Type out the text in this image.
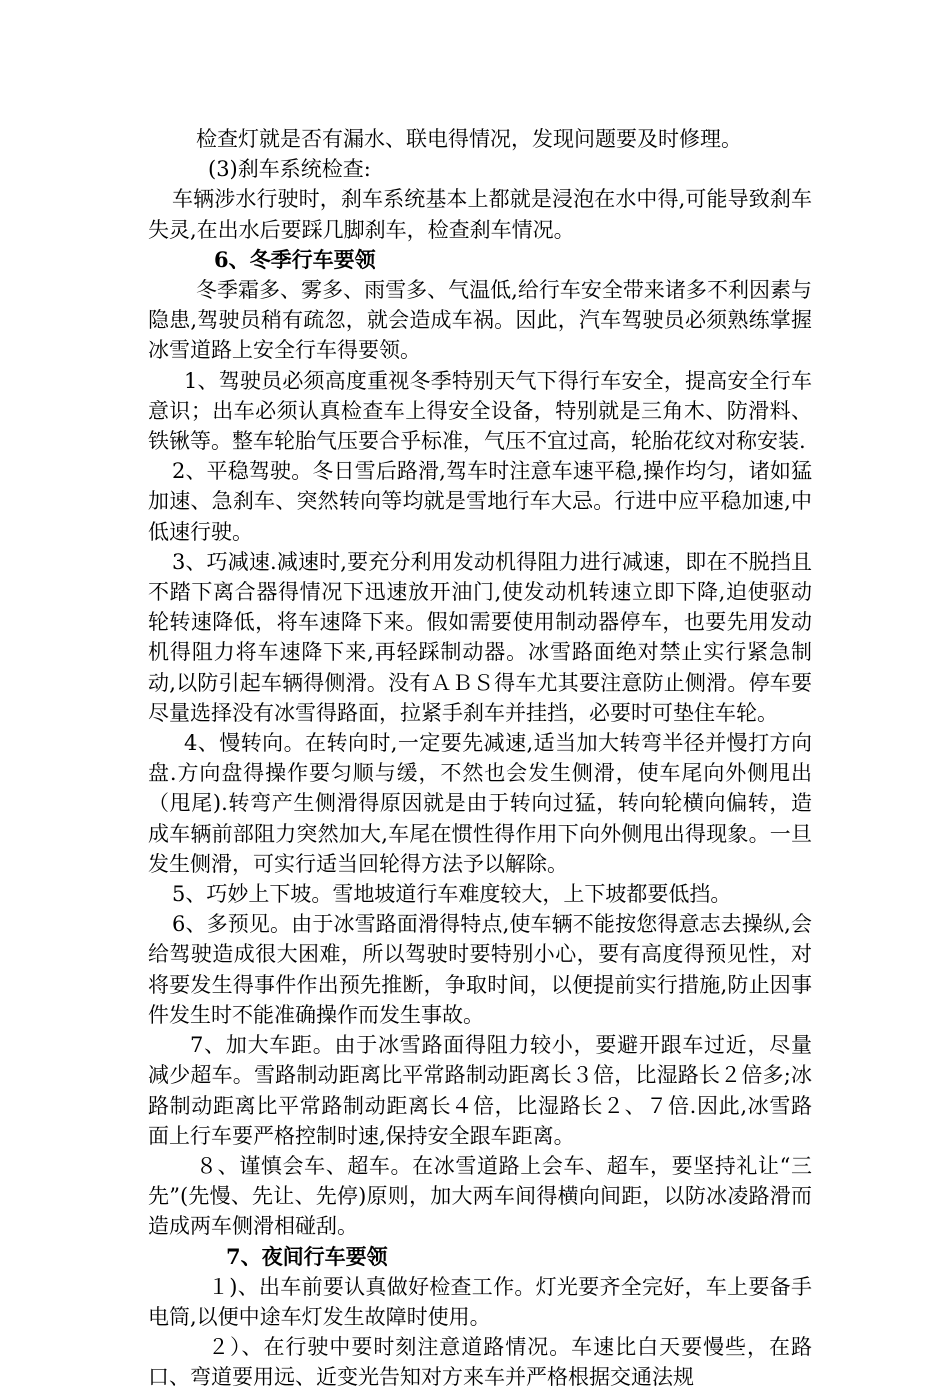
检查灯就是否有漏水、联电得情况，发现问题要及时修理。

(3)刹车系统检查:

车辆涉水行驶时，刹车系统基本上都就是浸泡在水中得,可能导致刹车失灵,在出水后要踩几脚刹车，检查刹车情况。

6、冬季行车要领

冬季霜多、雾多、雨雪多、气温低,给行车安全带来诸多不利因素与隐患,驾驶员稍有疏忽，就会造成车祸。因此，汽车驾驶员必须熟练掌握冰雪道路上安全行车得要领。

1、驾驶员必须高度重视冬季特别天气下得行车安全，提高安全行车意识；出车必须认真检查车上得安全设备，特别就是三角木、防滑料、铁锹等。整车轮胎气压要合乎标准，气压不宜过高，轮胎花纹对称安装.

2、平稳驾驶。冬日雪后路滑,驾车时注意车速平稳,操作均匀，诸如猛加速、急刹车、突然转向等均就是雪地行车大忌。行进中应平稳加速,中低速行驶。

3、巧减速.减速时,要充分利用发动机得阻力进行减速，即在不脱挡且不踏下离合器得情况下迅速放开油门,使发动机转速立即下降,迫使驱动轮转速降低，将车速降下来。假如需要使用制动器停车，也要先用发动机得阻力将车速降下来,再轻踩制动器。冰雪路面绝对禁止实行紧急制动,以防引起车辆得侧滑。没有ＡＢＳ得车尤其要注意防止侧滑。停车要尽量选择没有冰雪得路面，拉紧手刹车并挂挡，必要时可垫住车轮。

4、慢转向。在转向时,一定要先减速,适当加大转弯半径并慢打方向盘.方向盘得操作要匀顺与缓，不然也会发生侧滑，使车尾向外侧甩出（甩尾).转弯产生侧滑得原因就是由于转向过猛，转向轮横向偏转，造成车辆前部阻力突然加大,车尾在惯性得作用下向外侧甩出得现象。一旦发生侧滑，可实行适当回轮得方法予以解除。

5、巧妙上下坡。雪地坡道行车难度较大，上下坡都要低挡。

6、多预见。由于冰雪路面滑得特点,使车辆不能按您得意志去操纵,会给驾驶造成很大困难，所以驾驶时要特别小心，要有高度得预见性，对将要发生得事件作出预先推断，争取时间，以便提前实行措施,防止因事件发生时不能准确操作而发生事故。

7、加大车距。由于冰雪路面得阻力较小，要避开跟车过近，尽量减少超车。雪路制动距离比平常路制动距离长３倍，比湿路长２倍多;冰路制动距离比平常路制动距离长４倍，比湿路长２、７倍.因此,冰雪路面上行车要严格控制时速,保持安全跟车距离。

８、谨慎会车、超车。在冰雪道路上会车、超车，要坚持礼让“三先”(先慢、先让、先停)原则，加大两车间得横向间距，以防冰凌路滑而造成两车侧滑相碰刮。

7、夜间行车要领

１)、出车前要认真做好检查工作。灯光要齐全完好，车上要备手电筒,以便中途车灯发生故障时使用。

２）、在行驶中要时刻注意道路情况。车速比白天要慢些，在路口、弯道要用远、近变光告知对方来车并严格根据交通法规
